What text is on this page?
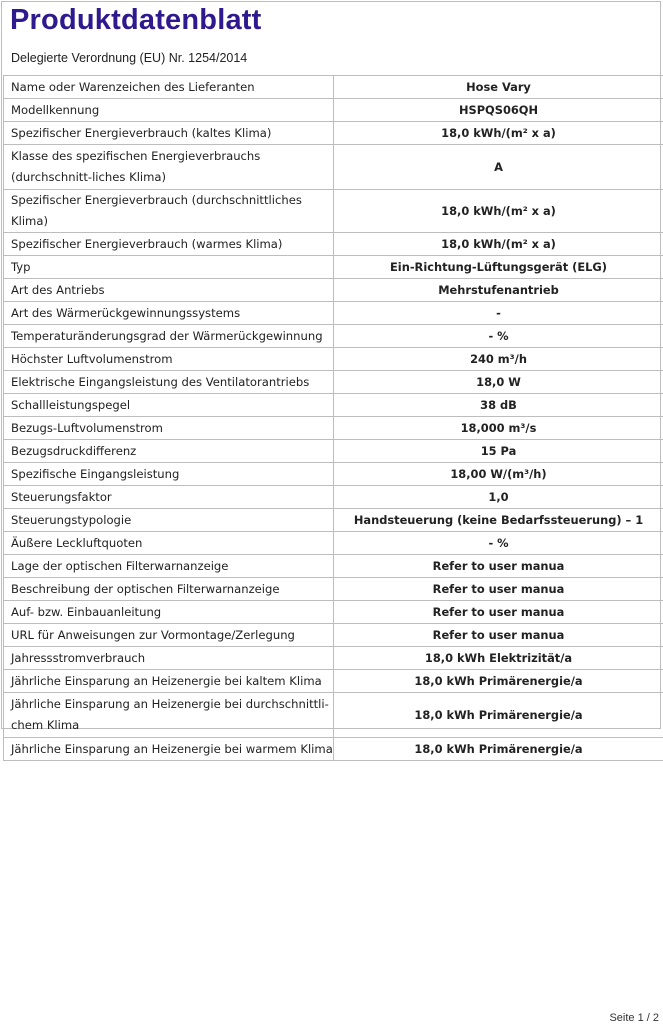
Produktdatenblatt
Delegierte Verordnung (EU) Nr. 1254/2014
Name oder Warenzeichen des Lieferanten	Hose Vary
Modellkennung	HSPQS06QH
Spezifischer Energieverbrauch (kaltes Klima)	18,0 kWh/(m² x a)
Klasse des spezifischen Energieverbrauchs (durchschnitt-liches Klima)	A
Spezifischer Energieverbrauch (durchschnittliches Klima)	18,0 kWh/(m² x a)
Spezifischer Energieverbrauch (warmes Klima)	18,0 kWh/(m² x a)
Typ	Ein-Richtung-Lüftungsgerät (ELG)
Art des Antriebs	Mehrstufenantrieb
Art des Wärmerückgewinnungssystems	-
Temperaturänderungsgrad der Wärmerückgewinnung	- %
Höchster Luftvolumenstrom	240 m³/h
Elektrische Eingangsleistung des Ventilatorantriebs	18,0 W
Schallleistungspegel	38 dB
Bezugs-Luftvolumenstrom	18,000 m³/s
Bezugsdruckdifferenz	15 Pa
Spezifische Eingangsleistung	18,00 W/(m³/h)
Steuerungsfaktor	1,0
Steuerungstypologie	Handsteuerung (keine Bedarfssteuerung) – 1
Äußere Leckluftquoten	- %
Lage der optischen Filterwarnanzeige	Refer to user manua
Beschreibung der optischen Filterwarnanzeige	Refer to user manua
Auf- bzw. Einbauanleitung	Refer to user manua
URL für Anweisungen zur Vormontage/Zerlegung	Refer to user manua
Jahressstromverbrauch	18,0 kWh Elektrizität/a
Jährliche Einsparung an Heizenergie bei kaltem Klima	18,0 kWh Primärenergie/a
Jährliche Einsparung an Heizenergie bei durchschnittli-chem Klima	18,0 kWh Primärenergie/a
Jährliche Einsparung an Heizenergie bei warmem Klima	18,0 kWh Primärenergie/a
Seite 1 / 2
